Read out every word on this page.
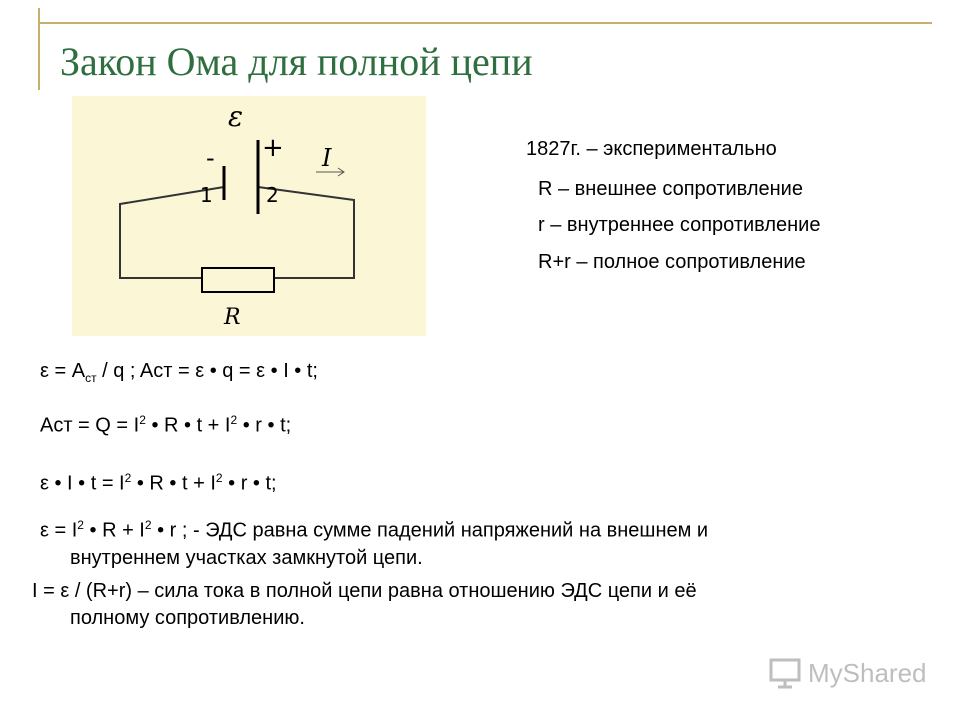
Закон Ома для полной цепи
ε
+
-	I
1	2
R
1827г. – экспериментально
R – внешнее сопротивление
r – внутреннее сопротивление
R+r – полное сопротивление
$\varepsilon = A_{ст} / q$ ; Aст = ε • q = ε • I • t;
Aст = $Q = I^2$ • R • $t + I^2$ • r • t;
ε • I • $t = I^2$ • R • $t + I^2$ • r • t;
$\varepsilon = I^2$ • $R + I^2$ • r ; - ЭДС равна сумме падений напряжений на внешнем и
внутреннем участках замкнутой цепи.
I = ε / (R+r) – сила тока в полной цепи равна отношению ЭДС цепи и её
полному сопротивлению.
MyShared
